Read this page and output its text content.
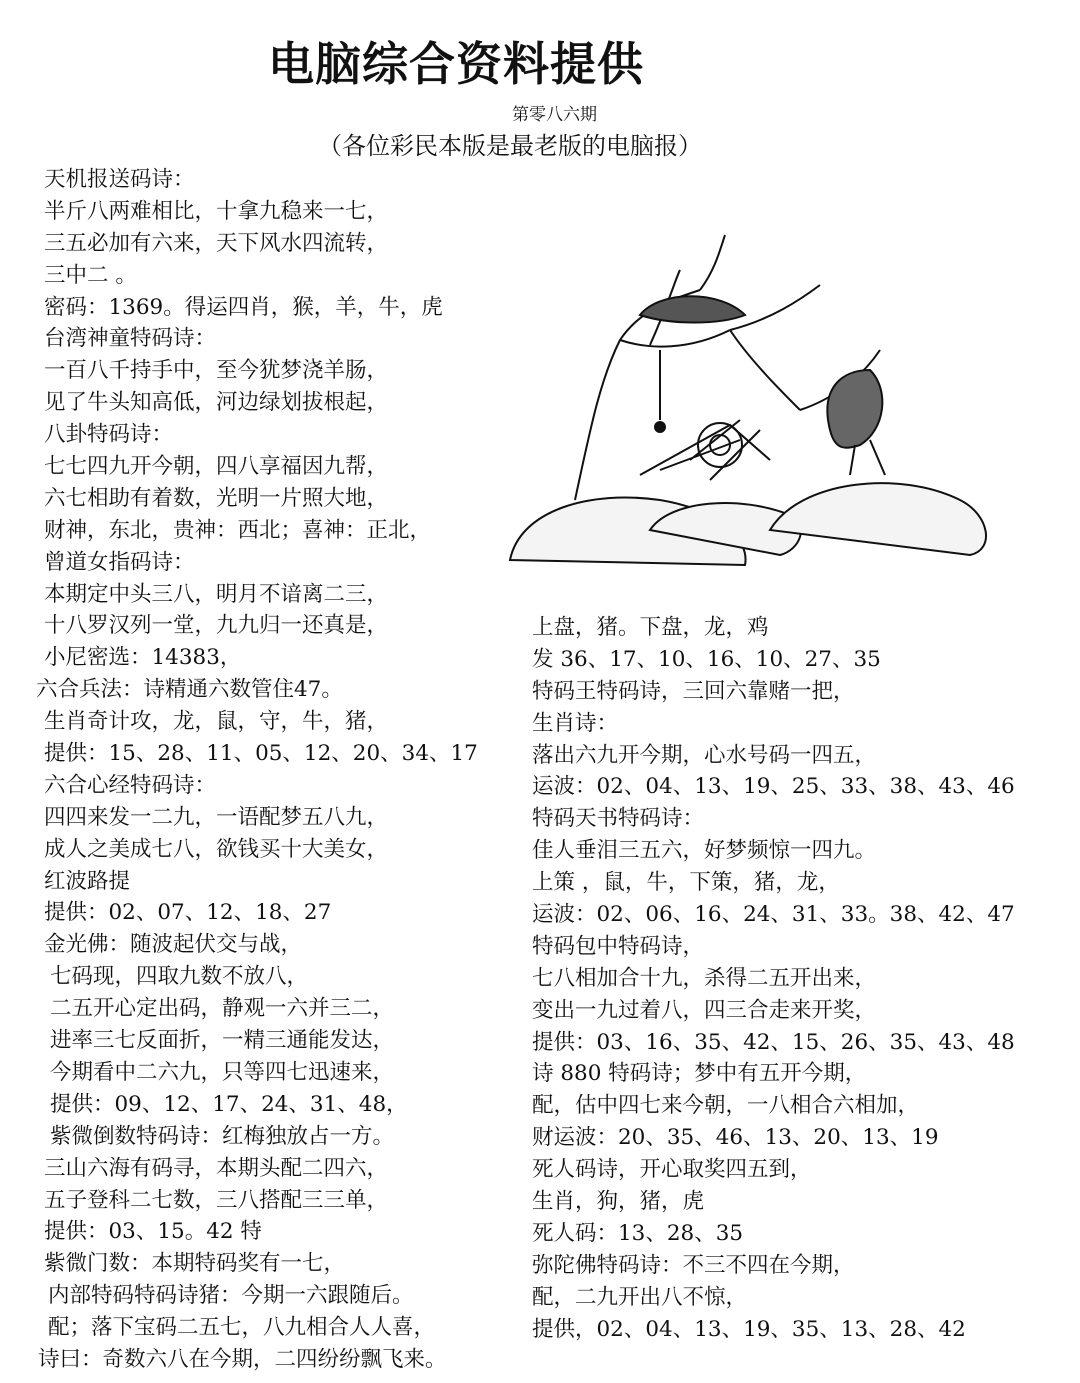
电脑综合资料提供
第零八六期
（各位彩民本版是最老版的电脑报）
天机报送码诗：
半斤八两难相比，十拿九稳来一七，
三五必加有六来，天下风水四流转，
三中二 。
密码：1369。得运四肖，猴，羊，牛，虎
台湾神童特码诗：
一百八千持手中，至今犹梦浇羊肠，
见了牛头知高低，河边绿划拔根起，
八卦特码诗：
七七四九开今朝，四八享福因九帮，
六七相助有着数，光明一片照大地，
财神，东北，贵神：西北；喜神：正北，
曾道女指码诗：
本期定中头三八，明月不谙离二三，
十八罗汉列一堂，九九归一还真是，
小尼密选：14383，
六合兵法：诗精通六数管住47。
生肖奇计攻，龙，鼠，守，牛，猪，
提供：15、28、11、05、12、20、34、17
六合心经特码诗：
四四来发一二九，一语配梦五八九，
成人之美成七八，欲钱买十大美女，
红波路提
提供：02、07、12、18、27
金光佛：随波起伏交与战，
七码现，四取九数不放八，
二五开心定出码，静观一六并三二，
进率三七反面折，一精三通能发达，
今期看中二六九，只等四七迅速来，
提供：09、12、17、24、31、48，
紫微倒数特码诗：红梅独放占一方。
三山六海有码寻，本期头配二四六，
五子登科二七数，三八搭配三三单，
提供：03、15。42 特
紫微门数：本期特码奖有一七，
内部特码特码诗猪：今期一六跟随后。
配；落下宝码二五七，八九相合人人喜，
诗曰：奇数六八在今期，二四纷纷飘飞来。
上盘，猪。下盘，龙，鸡
发 36、17、10、16、10、27、35
特码王特码诗，三回六靠赌一把，
生肖诗：
落出六九开今期，心水号码一四五，
运波：02、04、13、19、25、33、38、43、46
特码天书特码诗：
佳人垂泪三五六，好梦频惊一四九。
上策 ，鼠，牛，下策，猪，龙，
运波：02、06、16、24、31、33。38、42、47
特码包中特码诗，
七八相加合十九，杀得二五开出来，
变出一九过着八，四三合走来开奖，
提供：03、16、35、42、15、26、35、43、48
诗 880 特码诗；梦中有五开今期，
配，估中四七来今朝，一八相合六相加，
财运波：20、35、46、13、20、13、19
死人码诗，开心取奖四五到，
生肖，狗，猪，虎
死人码：13、28、35
弥陀佛特码诗：不三不四在今期，
配，二九开出八不惊，
提供，02、04、13、19、35、13、28、42
